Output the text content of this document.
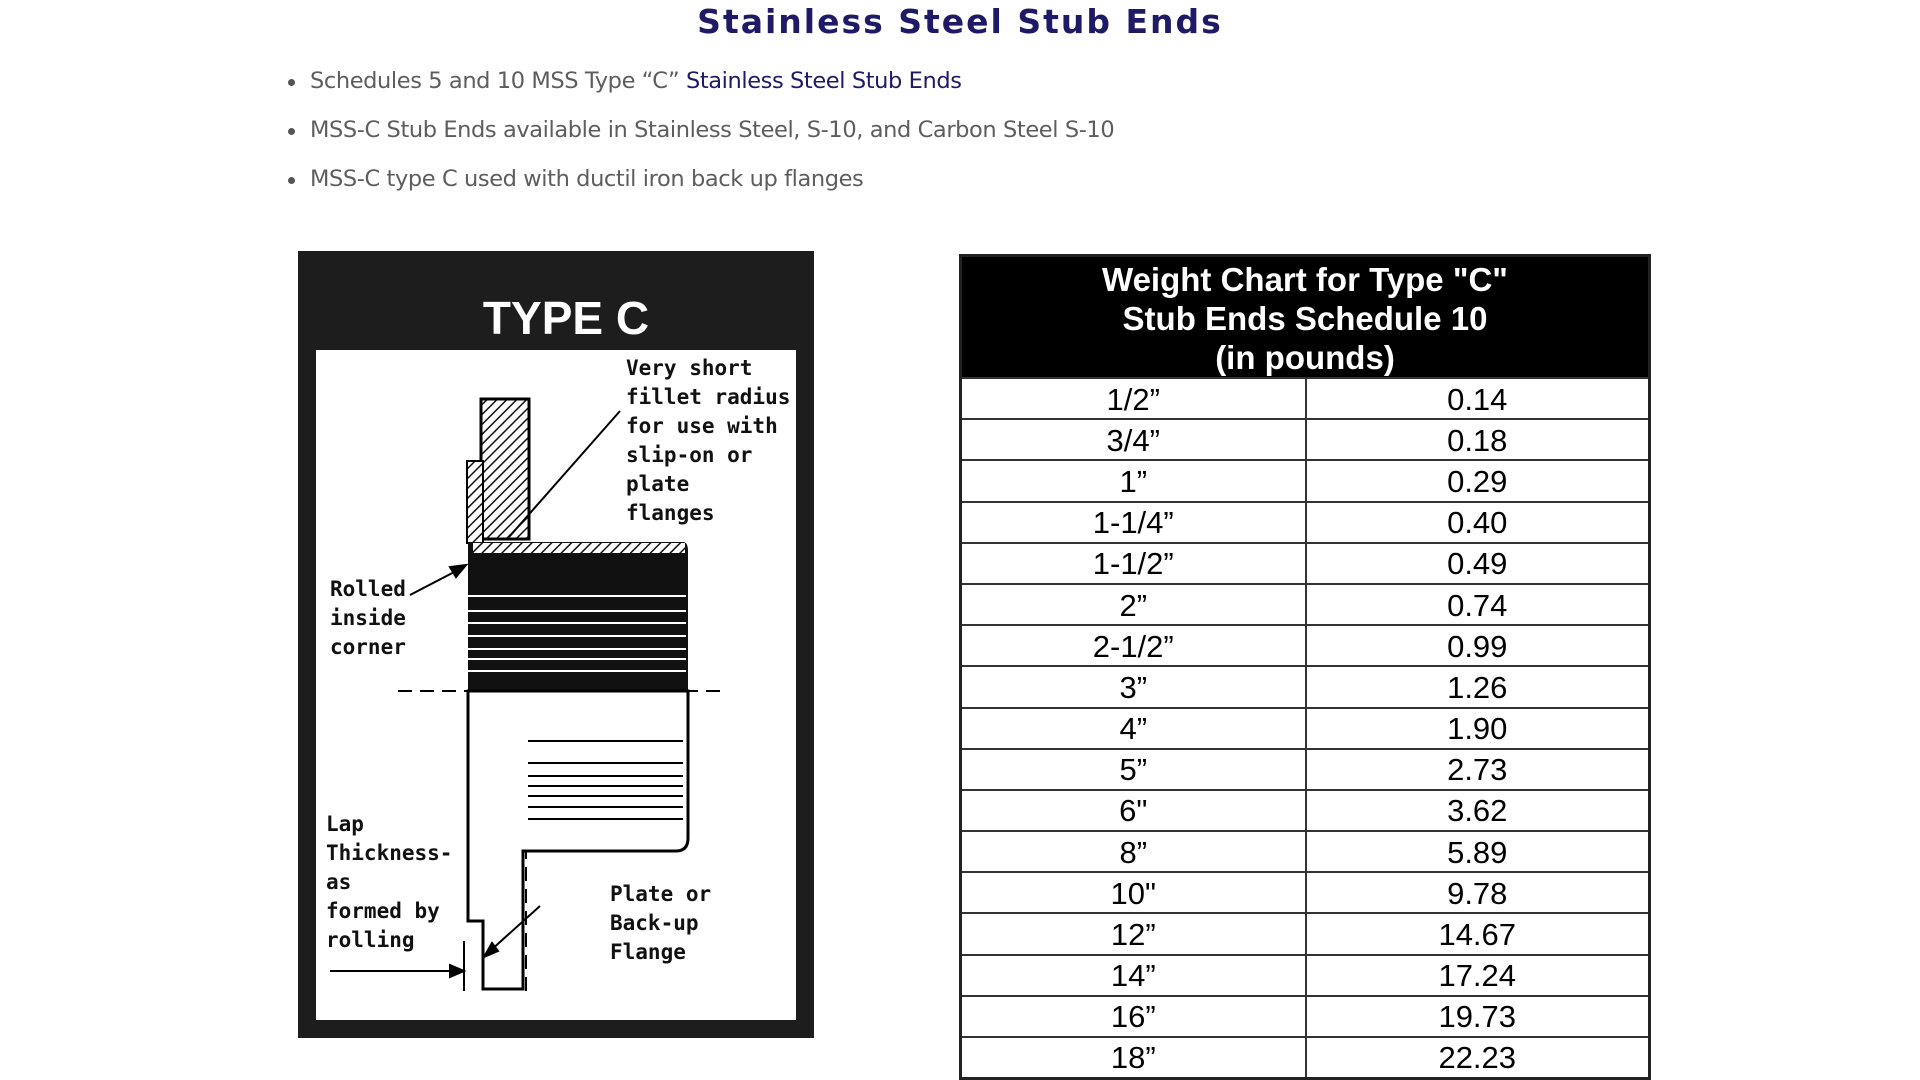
Stainless Steel Stub Ends
Schedules 5 and 10 MSS Type “C” Stainless Steel Stub Ends
MSS-C Stub Ends available in Stainless Steel, S-10, and Carbon Steel S-10
MSS-C type C used with ductil iron back up flanges
TYPE C
Very short
fillet radius
for use with
slip-on or
plate
flanges
Rolled
inside
corner
Lap
Thickness-
as
formed by
rolling
Plate or
Back-up
Flange
Weight Chart for Type "C"
Stub Ends Schedule 10
(in pounds)	

1/2”	0.14
3/4”	0.18
1”	0.29
1-1/4”	0.40
1-1/2”	0.49
2”	0.74
2-1/2”	0.99
3”	1.26
4”	1.90
5”	2.73
6"	3.62
8”	5.89
10"	9.78
12”	14.67
14”	17.24
16”	19.73
18”	22.23
